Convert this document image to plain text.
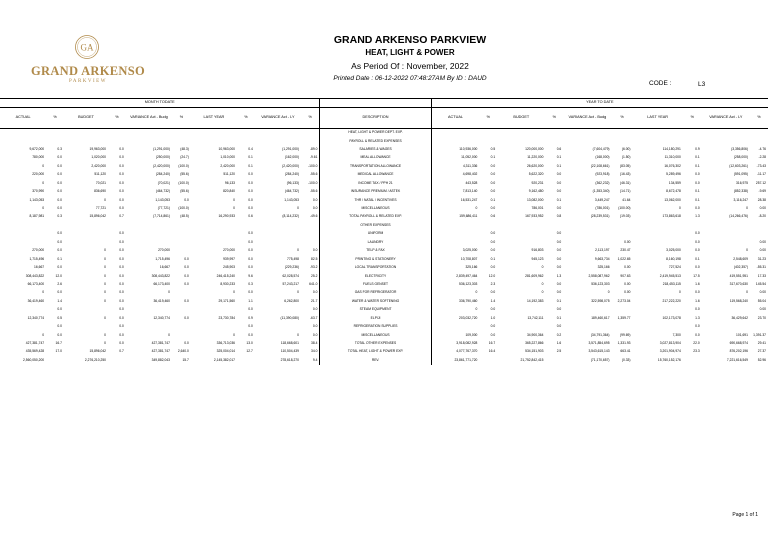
GA
GRAND ARKENSO
PARKVIEW
GRAND ARKENSO PARKVIEW
HEAT, LIGHT & POWER
As Period Of : November, 2022
Printed Date : 06-12-2022 07:48:27AM By ID : DAUD
CODE :	L3
MONTH TODATE											YEAR TO DATE									
ACTUAL	%	BUDGET	%	VARIANCE Act - Budg	%	LAST YEAR	%	VARIANCE Act - LY	%	DESCRIPTION	ACTUAL	%	BUDGET	%	VARIANCE Act - Budg	%	LAST YEAR	%	VARIANCE Act - LY	%
										HEAT, LIGHT & POWER DEPT. EXP.										
										PAYROLL & RELATED EXPENSES										
9,672,000	0.3	19,963,000	0.0	(1,291,000)	(48.3)	10,963,000	0.4	(1,291,000)	-89.0	SALARIES & WAGES	110,936,000	0.5	120,000,000	0.6	(7,604,479)	(6.00)	114,180,291	0.9	(3,356,806)	-4.76
780,000	0.0	1,020,000	0.0	(250,000)	(24.7)	1,010,000	0.1	(162,000)	-9.61	MEAL ALLOWANCE	11,052,000	0.1	11,220,000	0.1	(168,000)	(1.50)	11,310,000	0.1	(258,000)	-2.28
0	0.0	2,420,000	0.0	(2,420,000)	(100.0)	2,420,000	0.1	(2,420,000)	-100.0	TRANSPORTATION ALLOWANCE	4,311,336	0.0	26,620,000	0.1	(22,108,661)	(83.05)	16,076,302	0.1	(12,603,261)	-73.43
220,000	0.0	511,120	0.0	(284,240)	(55.6)	511,120	0.0	(284,240)	-55.6	MEDICAL ALLOWANCE	4,698,402	0.0	5,622,320	0.0	(923,918)	(16.43)	5,289,496	0.0	(591,095)	-11.17
0	0.0	70,021	0.0	(70,021)	(100.0)	96,133	0.0	(96,133)	-100.0	INCOME TAX / PPH 21	443,528	0.0	920,231	0.0	(362,232)	(46.31)	134,559	0.0	316,975	257.12
370,990	0.0	836,690	0.0	(464,732)	(55.6)	820,840	0.0	(464,732)	-55.6	INSURANCE PREMIUM / ASTEK	7,813,140	0.0	9,162,480	0.0	(1,353,340)	(14.71)	8,672,478	0.1	(852,338)	-9.69
1,143,053	0.0	0	0.0	1,143,053	0.0	0	0.0	1,143,053	0.0	THR / NATAL / INCENTIVES	16,531,247	0.1	13,082,000	0.1	3,449,247	41.64	13,062,000	0.1	3,116,247	28.38
0	0.0	77,721	0.0	(77,721)	(100.0)	0	0.0	0	0.0	MISCELLANEOUS	0	0.0	786,001	0.0	(786,001)	(100.00)	0	0.0	0	0.00
8,187,981	0.3	15,896,042	0.7	(7,714,861)	(48.5)	16,290,933	0.6	(8,114,232)	-49.6	TOTAL PAYROLL & RELATED EXP.	159,686,411	0.6	167,933,952	0.8	(28,239,531)	(19.03)	173,863,618	1.3	(14,266,476)	-8.20
										OTHER EXPENSES										
	0.0		0.0				0.0			UNIFORM		0.0		0.0				0.0		
	0.0		0.0				0.0			LAUNDRY		0.0		0.0		0.00		0.0		0.00
270,000	0.0	0	0.0	270,000		270,000	0.0	0	0.0	TELP & FAX	3,025,000	0.0	916,803	0.0	2,113,197	230.47	3,025,000	0.0	0	0.00
1,715,496	0.1	0	0.0	1,715,496	0.0	939,997	0.0	775,498	82.5	PRINTING & STATIONERY	10,708,807	0.1	945,123	0.0	9,663,734	1,022.65	8,160,198	0.1	2,548,609	31.23
16,667	0.0	0	0.0	16,667	0.0	245,903	0.0	(229,236)	-93.2	LOCAL TRANSPORTATION	325,166	0.0	0	0.0	325,166	0.00	727,524	0.0	(402,357)	-55.31
308,443,822	12.0	0	0.0	308,443,822	0.0	246,415,240	9.6	62,028,574	25.2	ELECTRICITY	2,839,497,464	12.0	281,609,962	1.3	2,558,087,962	907.63	2,419,945,513	17.5	419,551,951	17.33
66,173,400	2.6	0	0.0	66,173,400	0.0	8,930,233	0.3	57,243,217	641.0	FUELS GENSET	536,123,303	2.3	0	0.0	536,123,303	0.00	218,453,115	1.6	317,670,630	145.54
0	0.0	0	0.0	0		0	0.0	0	0.0	GAS FOR REFRIGERATOR	0	0.0	0	0.0	0	0.00	0	0.0	0	0.00
36,419,460	1.4	0	0.0	36,419,460	0.0	29,171,560	1.1	6,262,800	21.7	WATER & WATER SOFTENING	336,790,460	1.4	14,192,383	0.1	322,598,075	2,273.04	217,222,220	1.6	119,568,240	55.04
	0.0		0.0				0.0		0.0	STEAM EQUIPMENT	0	0.0		0.0				0.0		0.00
12,340,774	0.5	0	0.0	12,340,774	0.0	23,730,784	0.9	(11,390,080)	-63.7	ELPIJI	203,032,720	1.0	13,742,111	0.1	189,460,617	1,359.77	102,173,078	1.3	36,429,642	23.70
	0.0		0.0				0.0		0.0	REFRIGERATION SUPPLIES		0.0		0.0				0.0		
0	0.0	0	0.0	0		0	0.0	0	0.0	MISCELLANEOUS	109,000	0.0	34,900,364	0.2	(34,791,364)	(99.69)	7,300	0.0	101,691	1,391.37
427,381,747	16.7	0	0.0	427,381,747	0.0	336,713,036	13.0	118,668,601	38.4	TOTAL OTHER EXPENSES	3,918,082,928	16.7	365,227,866	1.6	3,571,854,695	1,331.93	3,027,813,904	22.0	690,668,974	29.41
435,569,428	17.0	15,896,042	0.7	427,381,747	2,640.0	325,004,014	12.7	110,504,439	34.0	TOTAL HEAT, LIGHT & POWER EXP.	4,077,767,370	16.4	534,151,903	2.5	3,543,615,143	663.41	3,201,904,974	23.3	876,202,196	27.37
2,560,050,200		2,276,210,250		349,882,043	15.7	2,145,382,017		278,618,270	9.4	REV.	23,861,771,720		21,752,842,415		(71,170,657)	(0.33)	15,760,152,176		7,221,616,549	52.96
Page 1 of 1
